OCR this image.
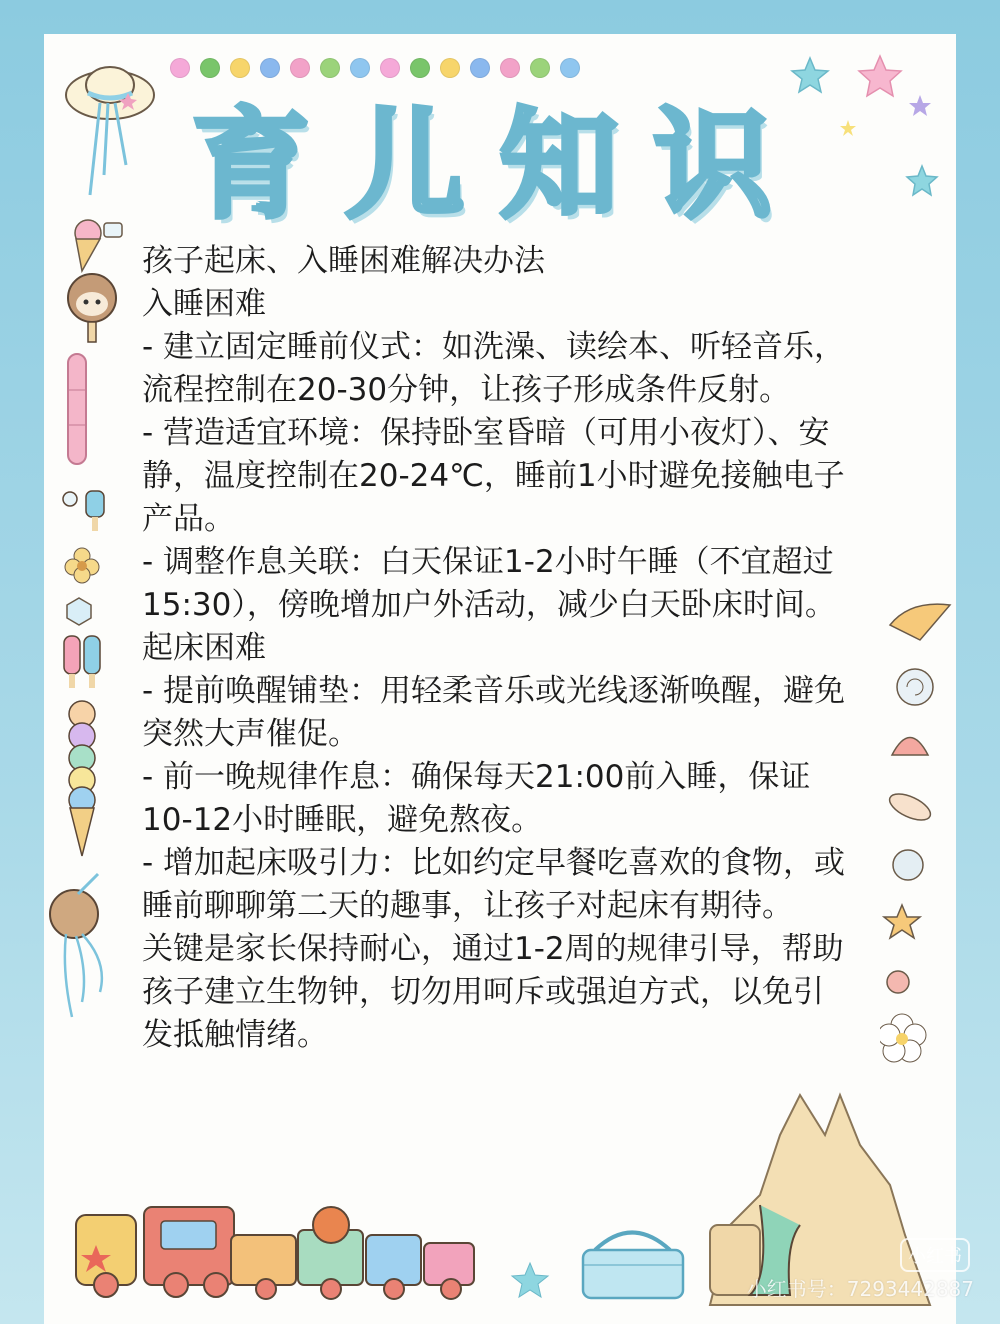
育儿知识

孩子起床、入睡困难解决办法

入睡困难

- 建立固定睡前仪式：如洗澡、读绘本、听轻音乐，流程控制在20-30分钟，让孩子形成条件反射。

- 营造适宜环境：保持卧室昏暗（可用小夜灯）、安静，温度控制在20-24℃，睡前1小时避免接触电子产品。

- 调整作息关联：白天保证1-2小时午睡（不宜超过15:30），傍晚增加户外活动，减少白天卧床时间。

起床困难

- 提前唤醒铺垫：用轻柔音乐或光线逐渐唤醒，避免突然大声催促。

- 前一晚规律作息：确保每天21:00前入睡，保证10-12小时睡眠，避免熬夜。

- 增加起床吸引力：比如约定早餐吃喜欢的食物，或睡前聊聊第二天的趣事，让孩子对起床有期待。

关键是家长保持耐心，通过1-2周的规律引导，帮助孩子建立生物钟，切勿用呵斥或强迫方式，以免引发抵触情绪。

小红书
小红书号：7293442887
